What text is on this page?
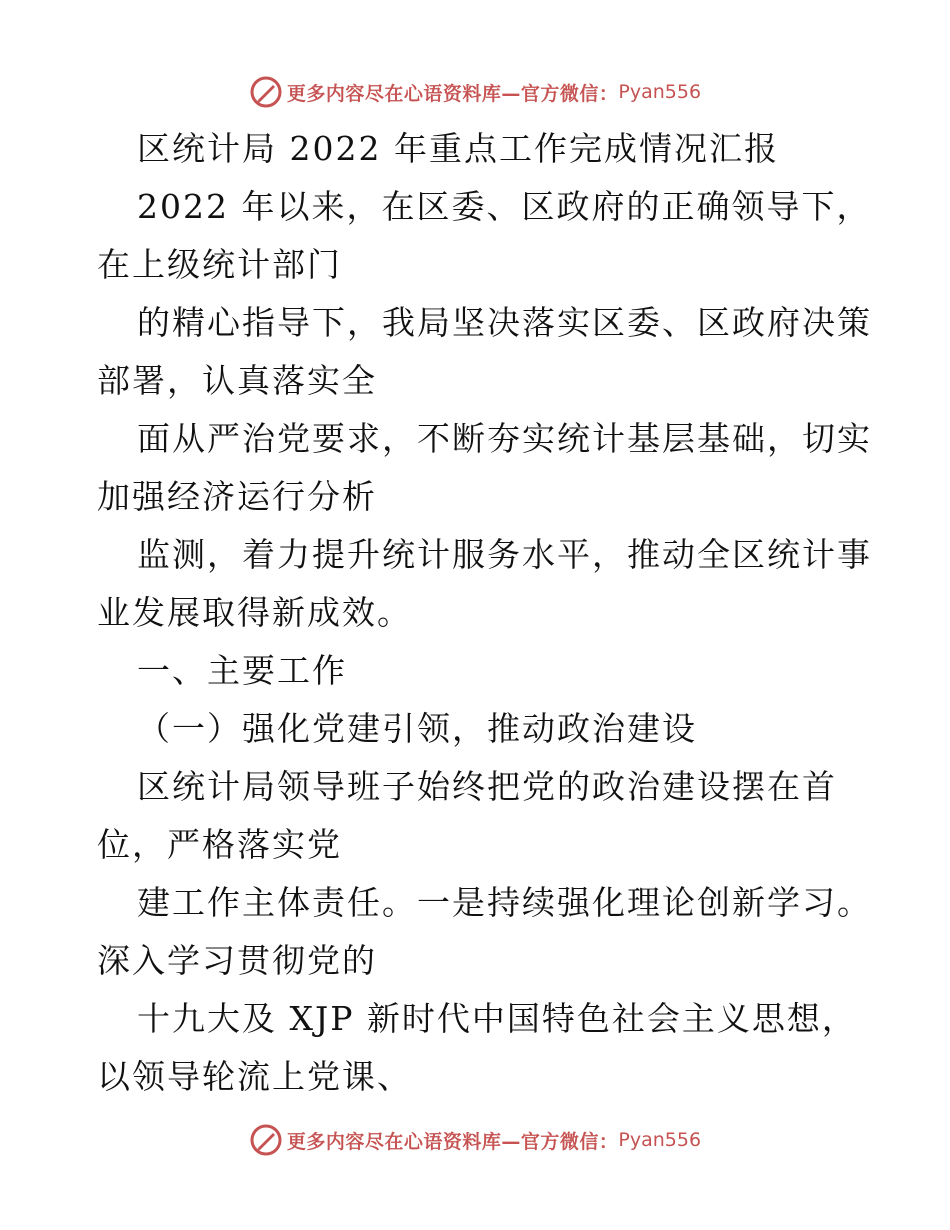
更多内容尽在心语资料库—官方微信： Pyan556
区统计局 2022 年重点工作完成情况汇报
2022 年以来，在区委、区政府的正确领导下，
在上级统计部门
的精心指导下，我局坚决落实区委、区政府决策
部署，认真落实全
面从严治党要求，不断夯实统计基层基础，切实
加强经济运行分析
监测，着力提升统计服务水平，推动全区统计事
业发展取得新成效。
一、主要工作
（一）强化党建引领，推动政治建设
区统计局领导班子始终把党的政治建设摆在首
位，严格落实党
建工作主体责任。一是持续强化理论创新学习。
深入学习贯彻党的
十九大及 XJP 新时代中国特色社会主义思想，
以领导轮流上党课、
更多内容尽在心语资料库—官方微信： Pyan556
